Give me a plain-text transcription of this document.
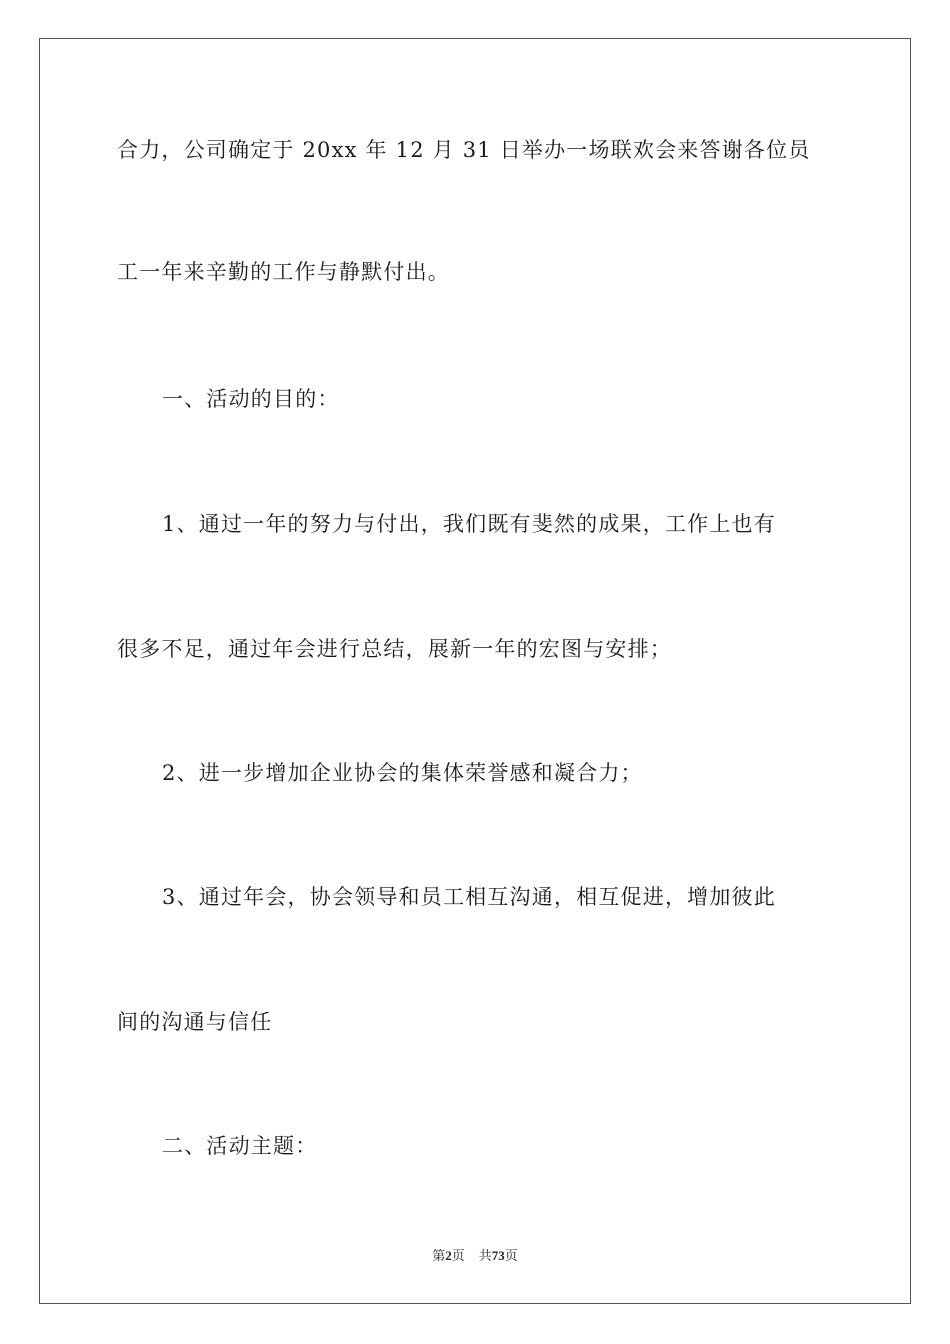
合力，公司确定于 20xx 年 12 月 31 日举办一场联欢会来答谢各位员
工一年来辛勤的工作与静默付出。
一、活动的目的：
1、通过一年的努力与付出，我们既有斐然的成果，工作上也有
很多不足，通过年会进行总结，展新一年的宏图与安排；
2、进一步增加企业协会的集体荣誉感和凝合力；
3、通过年会，协会领导和员工相互沟通，相互促进，增加彼此
间的沟通与信任
二、活动主题：
第2页 共73页
